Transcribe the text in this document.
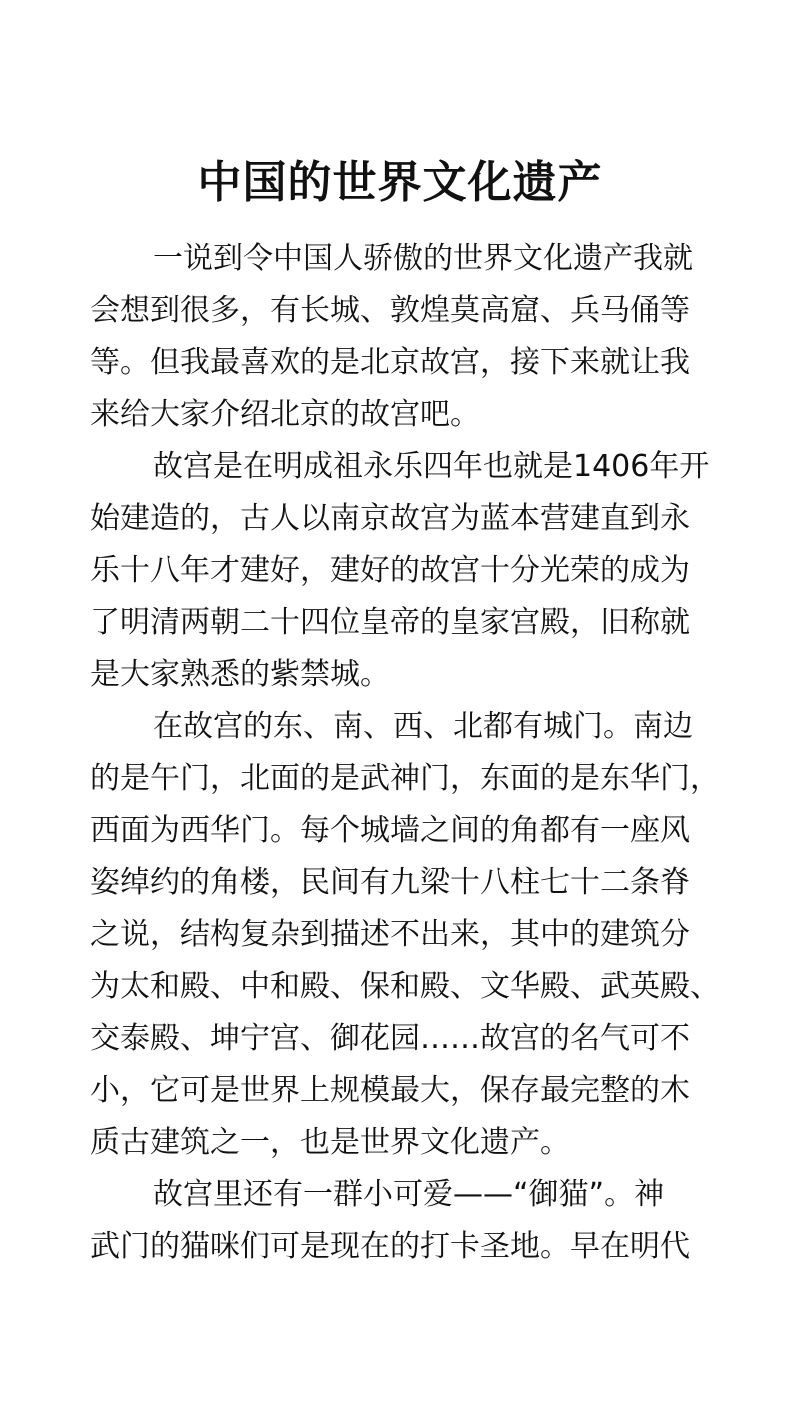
中国的世界文化遗产

一说到令中国人骄傲的世界文化遗产我就

会想到很多，有长城、敦煌莫高窟、兵马俑等

等。但我最喜欢的是北京故宫，接下来就让我

来给大家介绍北京的故宫吧。

故宫是在明成祖永乐四年也就是1406年开

始建造的，古人以南京故宫为蓝本营建直到永

乐十八年才建好，建好的故宫十分光荣的成为

了明清两朝二十四位皇帝的皇家宫殿，旧称就

是大家熟悉的紫禁城。

在故宫的东、南、西、北都有城门。南边

的是午门，北面的是武神门，东面的是东华门，

西面为西华门。每个城墙之间的角都有一座风

姿绰约的角楼，民间有九梁十八柱七十二条脊

之说，结构复杂到描述不出来，其中的建筑分

为太和殿、中和殿、保和殿、文华殿、武英殿、

交泰殿、坤宁宫、御花园……故宫的名气可不

小，它可是世界上规模最大，保存最完整的木

质古建筑之一，也是世界文化遗产。

故宫里还有一群小可爱——“御猫”。神

武门的猫咪们可是现在的打卡圣地。早在明代
